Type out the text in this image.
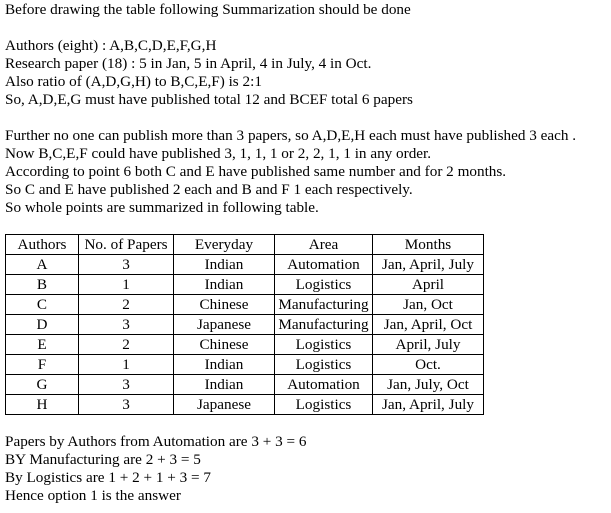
Before drawing the table following Summarization should be done
Authors (eight) : A,B,C,D,E,F,G,H
Research paper (18) : 5 in Jan, 5 in April, 4 in July, 4 in Oct.
Also ratio of (A,D,G,H) to B,C,E,F) is 2:1
So, A,D,E,G must have published total 12 and BCEF total 6 papers
Further no one can publish more than 3 papers, so A,D,E,H each must have published 3 each .
Now B,C,E,F could have published 3, 1, 1, 1 or 2, 2, 1, 1 in any order.
According to point 6 both C and E have published same number and for 2 months.
So C and E have published 2 each and B and F 1 each respectively.
So whole points are summarized in following table.
Authors	No. of Papers	Everyday	Area	Months
A	3	Indian	Automation	Jan, April, July
B	1	Indian	Logistics	April
C	2	Chinese	Manufacturing	Jan, Oct
D	3	Japanese	Manufacturing	Jan, April, Oct
E	2	Chinese	Logistics	April, July
F	1	Indian	Logistics	Oct.
G	3	Indian	Automation	Jan, July, Oct
H	3	Japanese	Logistics	Jan, April, July
Papers by Authors from Automation are 3 + 3 = 6
BY Manufacturing are 2 + 3 = 5
By Logistics are 1 + 2 + 1 + 3 = 7
Hence option 1 is the answer
